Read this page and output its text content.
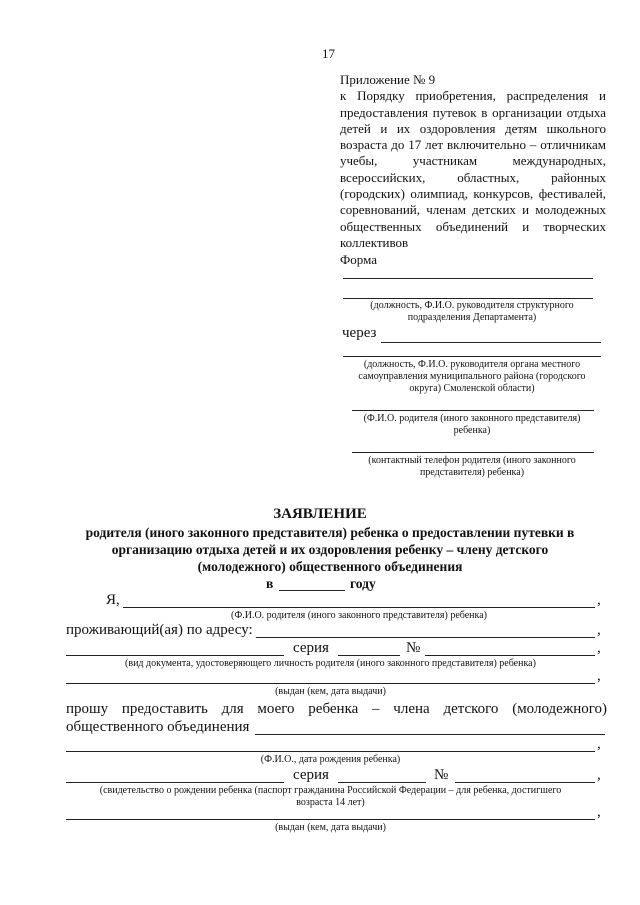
17
Приложение № 9
к Порядку приобретения, распределения и
предоставления путевок в организации отдыха
детей и их оздоровления детям школьного
возраста до 17 лет включительно – отличникам
учебы, участникам международных,
всероссийских, областных, районных
(городских) олимпиад, конкурсов, фестивалей,
соревнований, членам детских и молодежных
общественных объединений и творческих
коллективов
Форма
(должность, Ф.И.О. руководителя структурного
подразделения Департамента)
через
(должность, Ф.И.О. руководителя органа местного
самоуправления муниципального района (городского
округа) Смоленской области)
(Ф.И.О. родителя (иного законного представителя)
ребенка)
(контактный телефон родителя (иного законного
представителя) ребенка)
ЗАЯВЛЕНИЕ
родителя (иного законного представителя) ребенка о предоставлении путевки в
организацию отдыха детей и их оздоровления ребенку – члену детского
(молодежного) общественного объединения
в	году
Я,	,
(Ф.И.О. родителя (иного законного представителя) ребенка)
проживающий(ая) по адресу:	,
серия	№	,
(вид документа, удостоверяющего личность родителя (иного законного представителя) ребенка)
,
(выдан (кем, дата выдачи)
прошу предоставить для моего ребенка – члена детского (молодежного)
общественного объединения
,
(Ф.И.О., дата рождения ребенка)
серия	№	,
(свидетельство о рождении ребенка (паспорт гражданина Российской Федерации – для ребенка, достигшего
возраста 14 лет)
,
(выдан (кем, дата выдачи)
